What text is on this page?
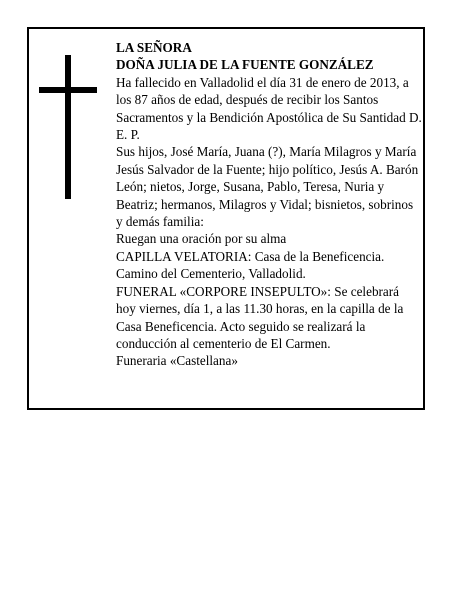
LA SEÑORA

DOÑA JULIA DE LA FUENTE GONZÁLEZ

Ha fallecido en Valladolid el día 31 de enero de 2013, a los 87 años de edad, después de recibir los Santos Sacramentos y la Bendición Apostólica de Su Santidad D. E. P.

Sus hijos, José María, Juana (?), María Milagros y María Jesús Salvador de la Fuente; hijo político, Jesús A. Barón León; nietos, Jorge, Susana, Pablo, Teresa, Nuria y Beatriz; hermanos, Milagros y Vidal; bisnietos, sobrinos y demás familia:

Ruegan una oración por su alma

CAPILLA VELATORIA: Casa de la Beneficencia. Camino del Cementerio, Valladolid.

FUNERAL «CORPORE INSEPULTO»: Se celebrará hoy viernes, día 1, a las 11.30 horas, en la capilla de la Casa Beneficencia. Acto seguido se realizará la conducción al cementerio de El Carmen.

Funeraria «Castellana»
